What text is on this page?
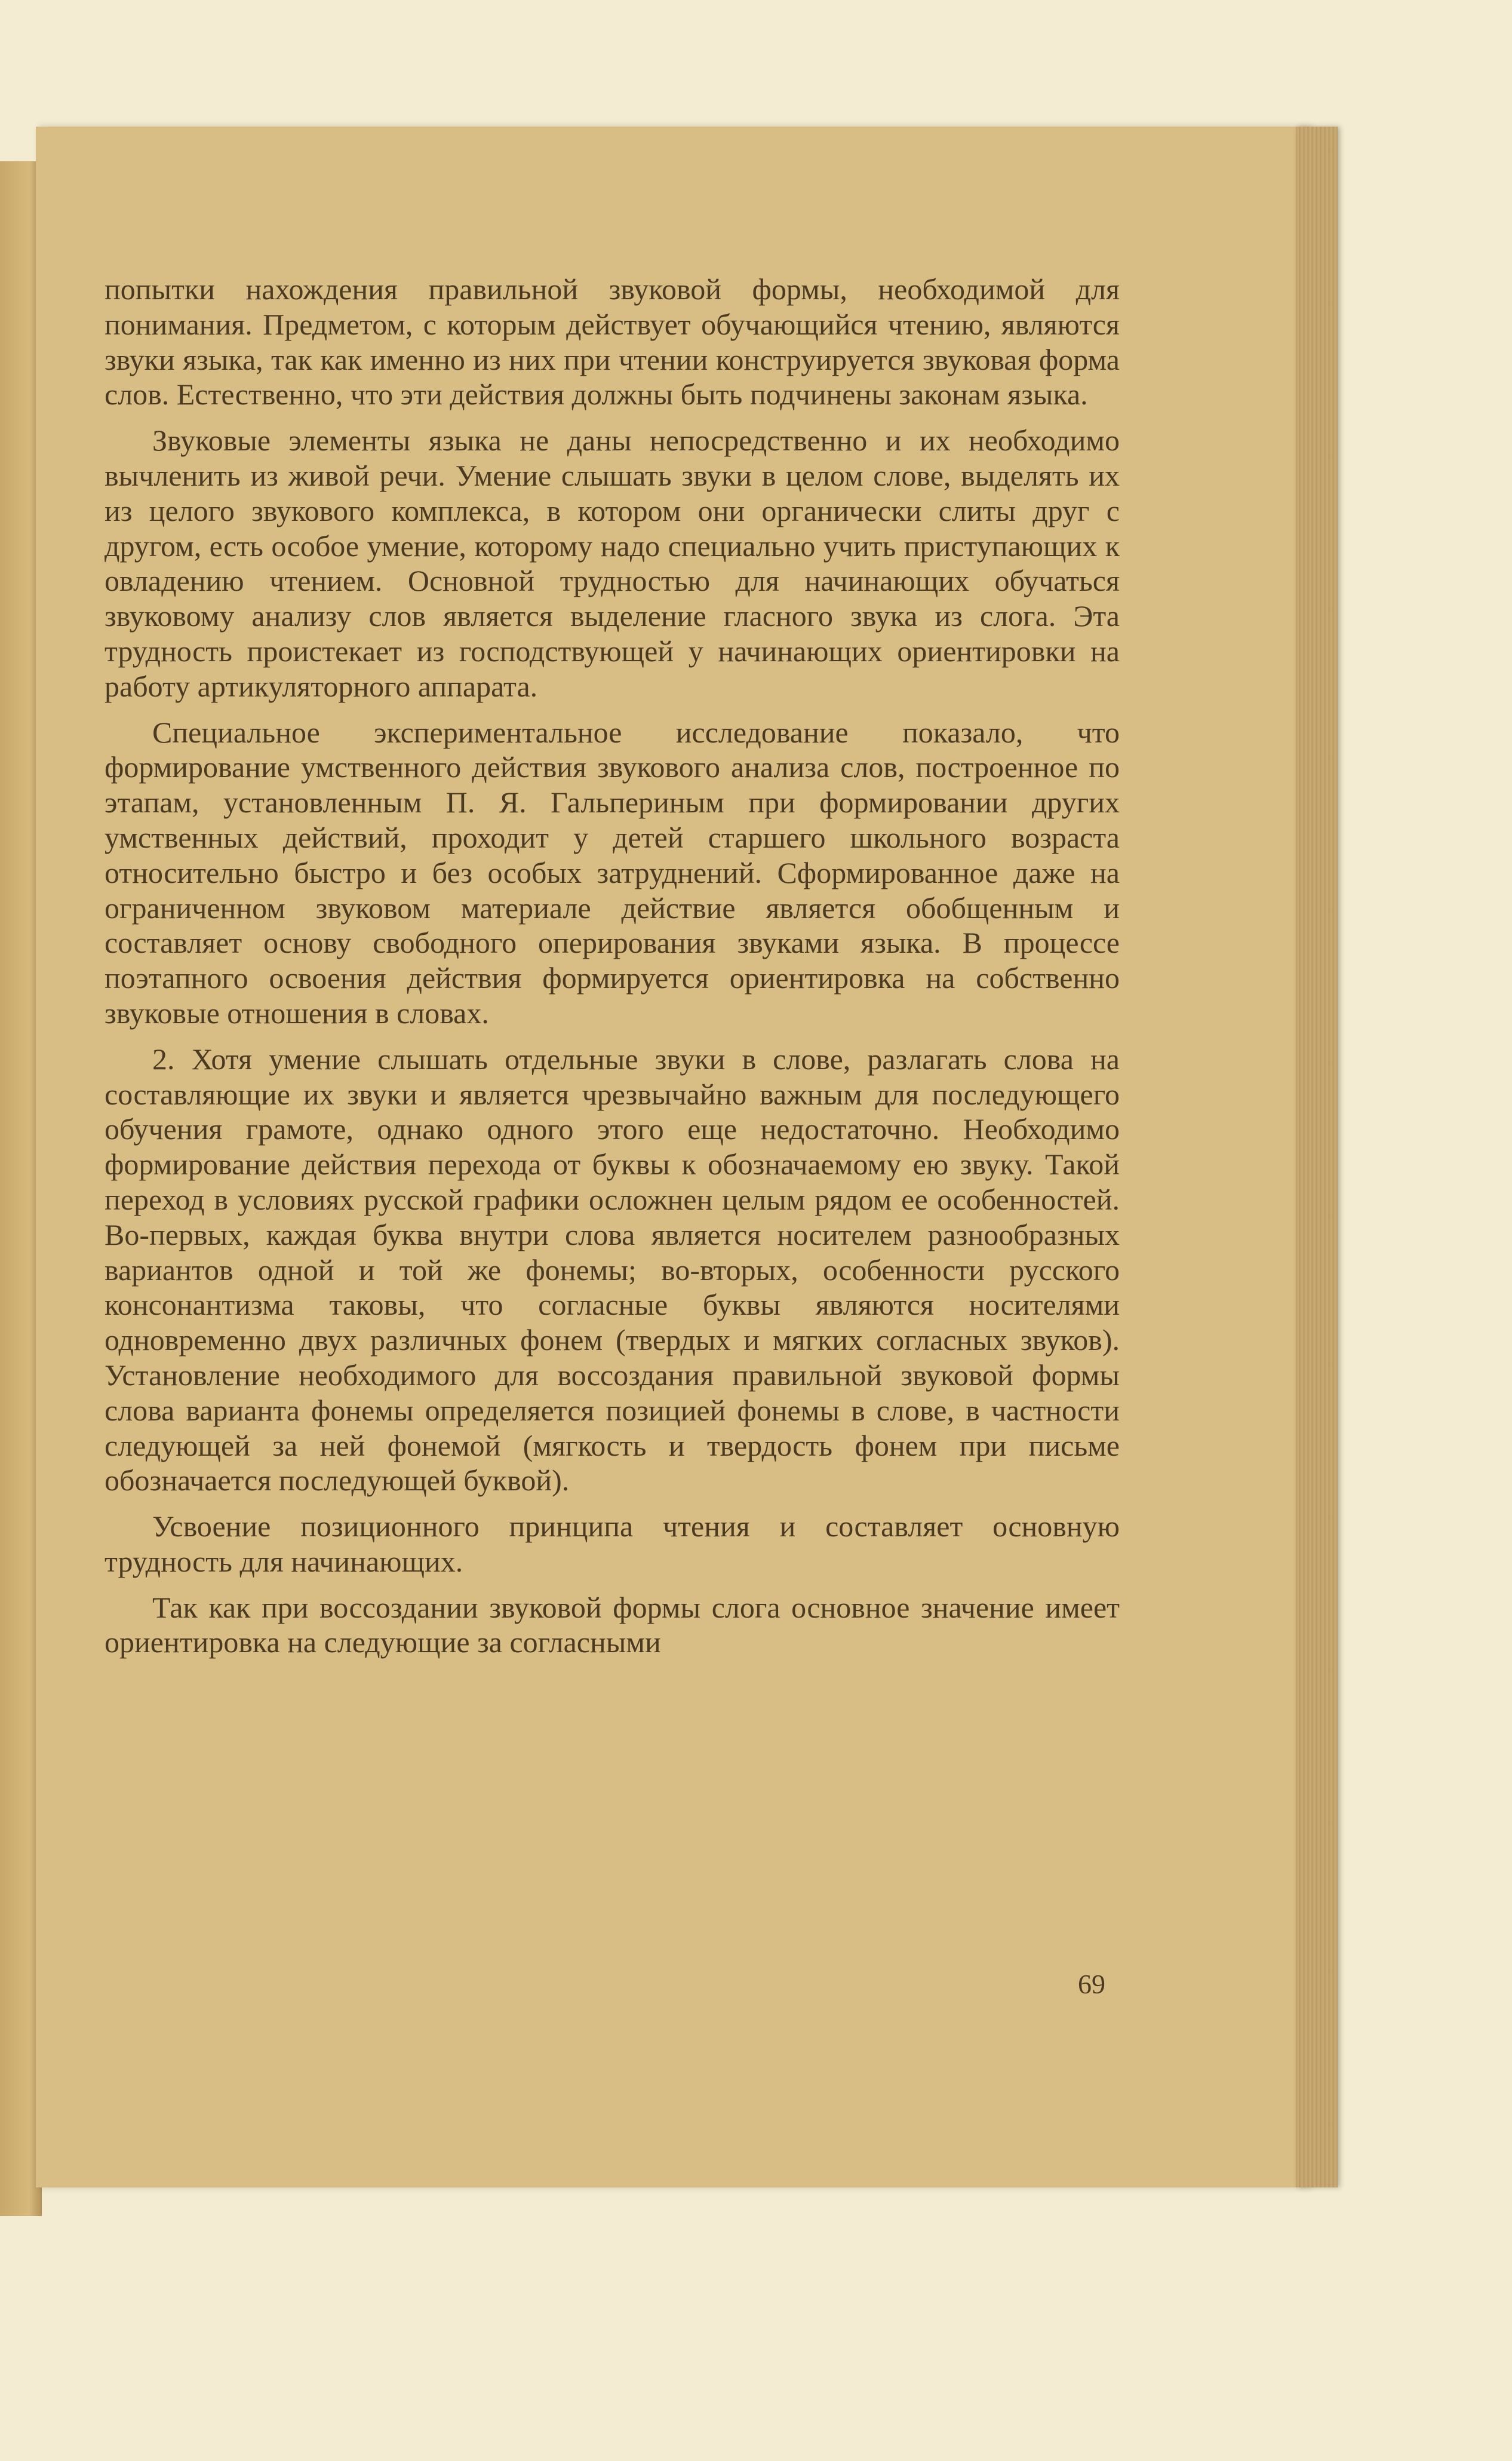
попытки нахождения правильной звуковой формы, необходимой для понимания. Предметом, с которым действует обучающийся чтению, являются звуки языка, так как именно из них при чтении конструируется звуковая форма слов. Естественно, что эти действия должны быть подчинены законам языка.

Звуковые элементы языка не даны непосредственно и их необходимо вычленить из живой речи. Умение слышать звуки в целом слове, выделять их из целого звукового комплекса, в котором они органически слиты друг с другом, есть особое умение, которому надо специально учить приступающих к овладению чтением. Основной трудностью для начинающих обучаться звуковому анализу слов является выделение гласного звука из слога. Эта трудность проистекает из господствующей у начинающих ориентировки на работу артикуляторного аппарата.

Специальное экспериментальное исследование показало, что формирование умственного действия звукового анализа слов, построенное по этапам, установленным П. Я. Гальпериным при формировании других умственных действий, проходит у детей старшего школьного возраста относительно быстро и без особых затруднений. Сформированное даже на ограниченном звуковом материале действие является обобщенным и составляет основу свободного оперирования звуками языка. В процессе поэтапного освоения действия формируется ориентировка на собственно звуковые отношения в словах.

2. Хотя умение слышать отдельные звуки в слове, разлагать слова на составляющие их звуки и является чрезвычайно важным для последующего обучения грамоте, однако одного этого еще недостаточно. Необходимо формирование действия перехода от буквы к обозначаемому ею звуку. Такой переход в условиях русской графики осложнен целым рядом ее особенностей. Во-первых, каждая буква внутри слова является носителем разнообразных вариантов одной и той же фонемы; во-вторых, особенности русского консонантизма таковы, что согласные буквы являются носителями одновременно двух различных фонем (твердых и мягких согласных звуков). Установление необходимого для воссоздания правильной звуковой формы слова варианта фонемы определяется позицией фонемы в слове, в частности следующей за ней фонемой (мягкость и твердость фонем при письме обозначается последующей буквой).

Усвоение позиционного принципа чтения и составляет основную трудность для начинающих.

Так как при воссоздании звуковой формы слога основное значение имеет ориентировка на следующие за согласными

69
